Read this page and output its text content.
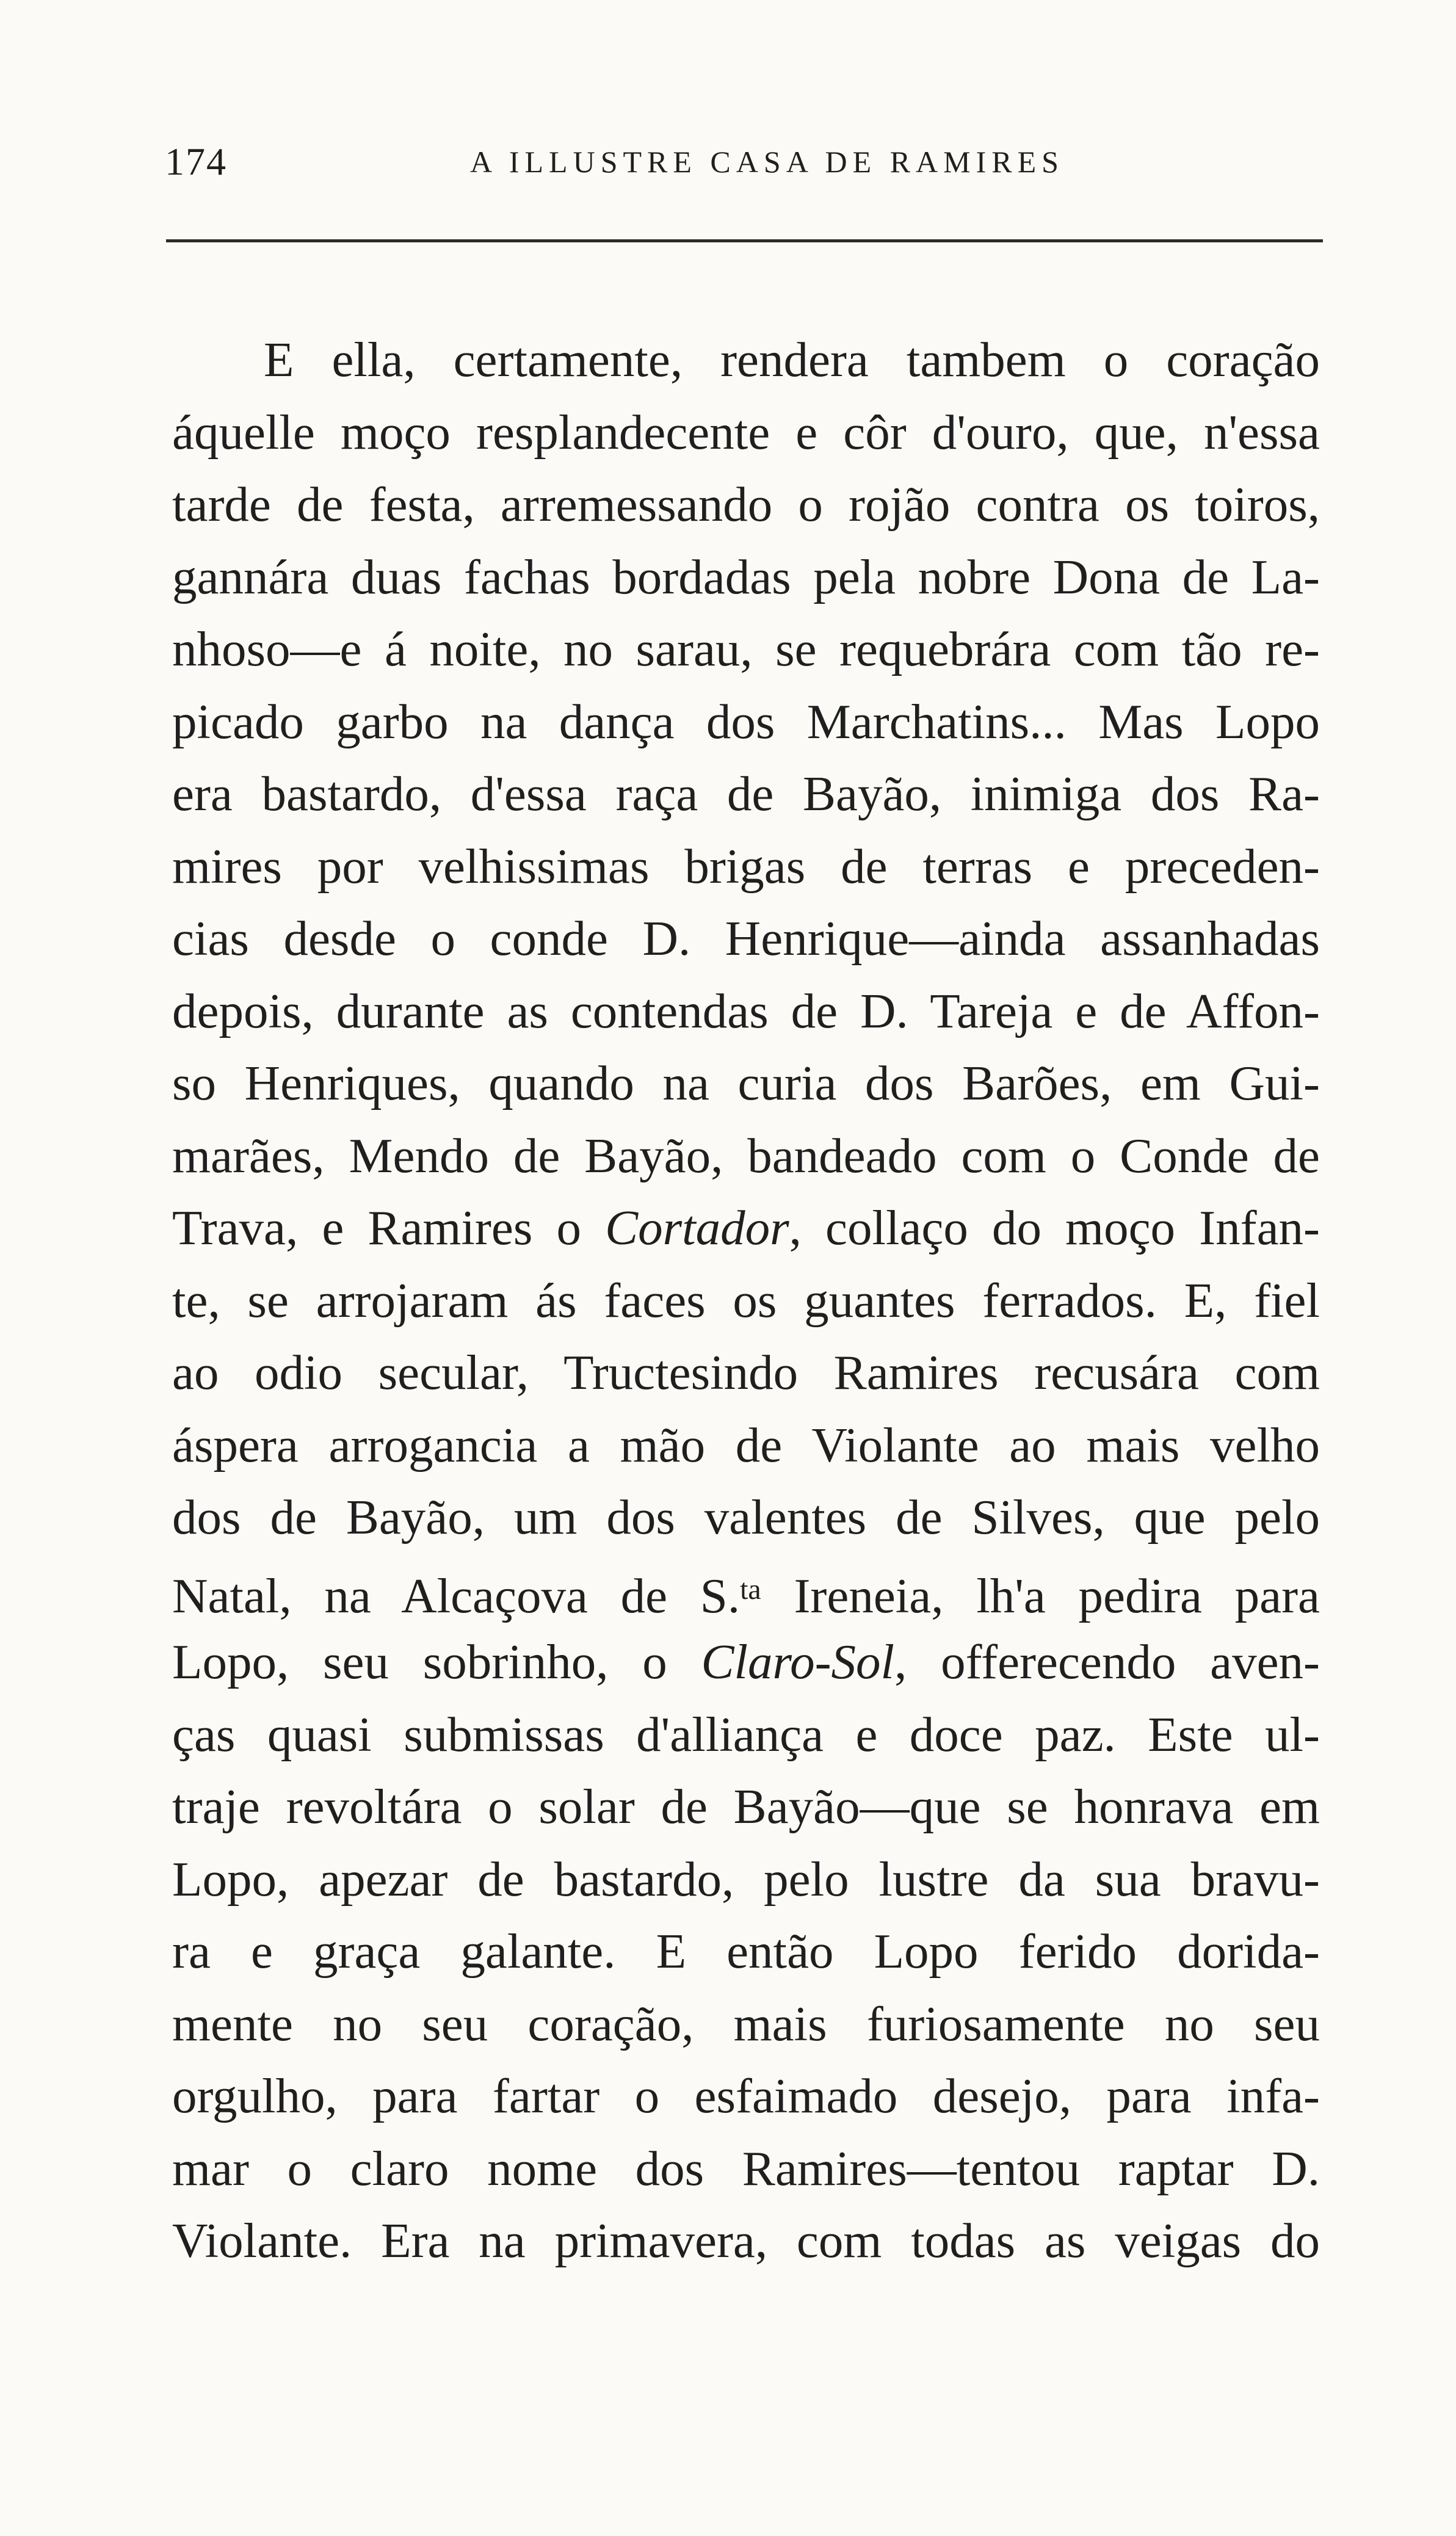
174	A ILLUSTRE CASA DE RAMIRES
E ella, certamente, rendera tambem o coração
áquelle moço resplandecente e côr d'ouro, que, n'essa
tarde de festa, arremessando o rojão contra os toiros,
gannára duas fachas bordadas pela nobre Dona de La-
nhoso—e á noite, no sarau, se requebrára com tão re-
picado garbo na dança dos Marchatins... Mas Lopo
era bastardo, d'essa raça de Bayão, inimiga dos Ra-
mires por velhissimas brigas de terras e preceden-
cias desde o conde D. Henrique—ainda assanhadas
depois, durante as contendas de D. Tareja e de Affon-
so Henriques, quando na curia dos Barões, em Gui-
marães, Mendo de Bayão, bandeado com o Conde de
Trava, e Ramires o Cortador, collaço do moço Infan-
te, se arrojaram ás faces os guantes ferrados. E, fiel
ao odio secular, Tructesindo Ramires recusára com
áspera arrogancia a mão de Violante ao mais velho
dos de Bayão, um dos valentes de Silves, que pelo
Natal, na Alcaçova de S.$^{ta}$ Ireneia, lh'a pedira para
Lopo, seu sobrinho, o Claro-Sol, offerecendo aven-
ças quasi submissas d'alliança e doce paz. Este ul-
traje revoltára o solar de Bayão—que se honrava em
Lopo, apezar de bastardo, pelo lustre da sua bravu-
ra e graça galante. E então Lopo ferido dorida-
mente no seu coração, mais furiosamente no seu
orgulho, para fartar o esfaimado desejo, para infa-
mar o claro nome dos Ramires—tentou raptar D.
Violante. Era na primavera, com todas as veigas do
